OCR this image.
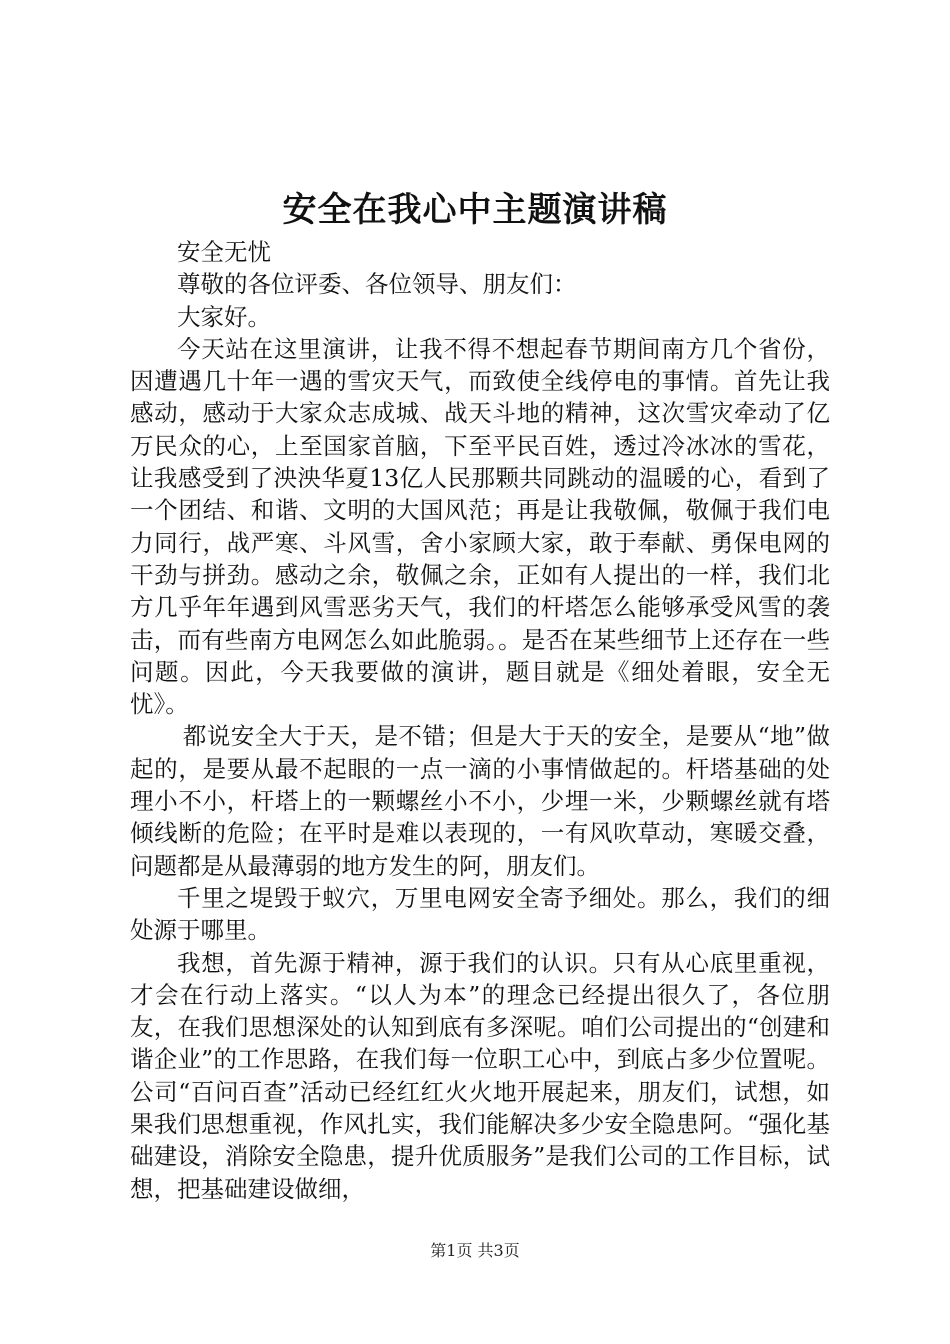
安全在我心中主题演讲稿

安全无忧

尊敬的各位评委、各位领导、朋友们：

大家好。

今天站在这里演讲，让我不得不想起春节期间南方几个省份，因遭遇几十年一遇的雪灾天气，而致使全线停电的事情。首先让我感动，感动于大家众志成城、战天斗地的精神，这次雪灾牵动了亿万民众的心，上至国家首脑，下至平民百姓，透过冷冰冰的雪花，让我感受到了泱泱华夏13亿人民那颗共同跳动的温暖的心，看到了一个团结、和谐、文明的大国风范；再是让我敬佩，敬佩于我们电力同行，战严寒、斗风雪，舍小家顾大家，敢于奉献、勇保电网的干劲与拼劲。感动之余，敬佩之余，正如有人提出的一样，我们北方几乎年年遇到风雪恶劣天气，我们的杆塔怎么能够承受风雪的袭击，而有些南方电网怎么如此脆弱。。是否在某些细节上还存在一些问题。因此，今天我要做的演讲，题目就是《细处着眼，安全无忧》。

都说安全大于天，是不错；但是大于天的安全，是要从“地”做起的，是要从最不起眼的一点一滴的小事情做起的。杆塔基础的处理小不小，杆塔上的一颗螺丝小不小，少埋一米，少颗螺丝就有塔倾线断的危险；在平时是难以表现的，一有风吹草动，寒暖交叠，问题都是从最薄弱的地方发生的阿，朋友们。

千里之堤毁于蚁穴，万里电网安全寄予细处。那么，我们的细处源于哪里。

我想，首先源于精神，源于我们的认识。只有从心底里重视，才会在行动上落实。“以人为本”的理念已经提出很久了，各位朋友，在我们思想深处的认知到底有多深呢。咱们公司提出的“创建和谐企业”的工作思路，在我们每一位职工心中，到底占多少位置呢。公司“百问百查”活动已经红红火火地开展起来，朋友们，试想，如果我们思想重视，作风扎实，我们能解决多少安全隐患阿。“强化基础建设，消除安全隐患，提升优质服务”是我们公司的工作目标，试想，把基础建设做细，

第1页 共3页
